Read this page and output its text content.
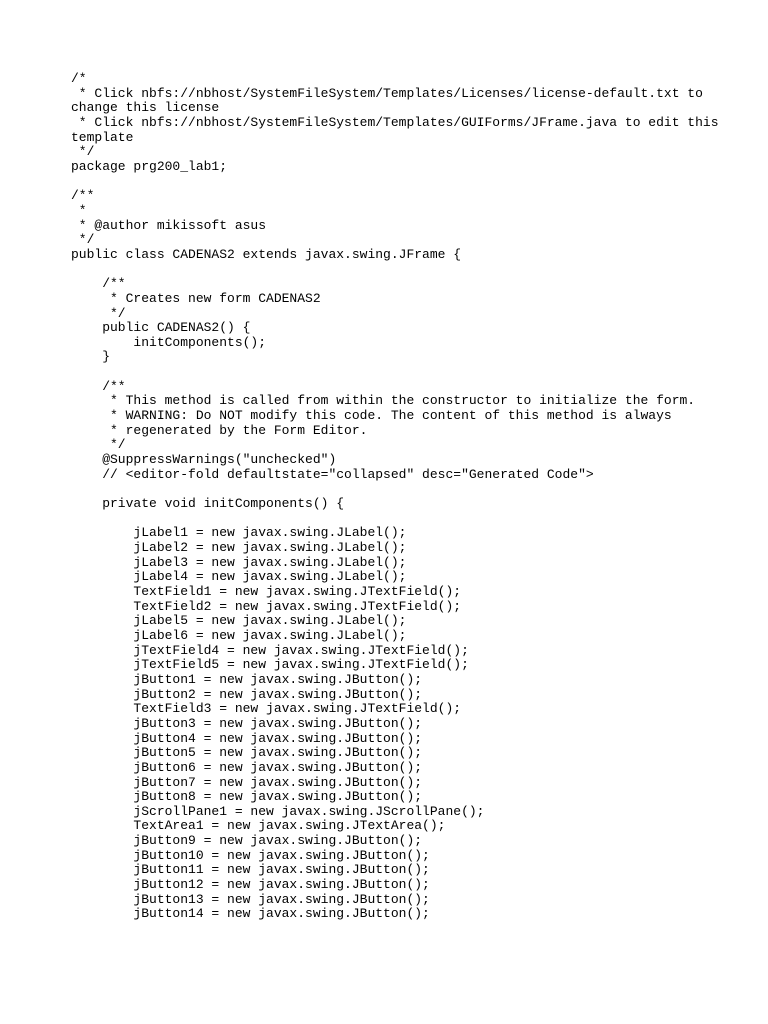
/*
* Click nbfs://nbhost/SystemFileSystem/Templates/Licenses/license-default.txt to
change this license
* Click nbfs://nbhost/SystemFileSystem/Templates/GUIForms/JFrame.java to edit this
template
*/
package prg200_lab1;
/**
*
* @author mikissoft asus
*/
public class CADENAS2 extends javax.swing.JFrame {
/**
* Creates new form CADENAS2
*/
public CADENAS2() {
initComponents();
}
/**
* This method is called from within the constructor to initialize the form.
* WARNING: Do NOT modify this code. The content of this method is always
* regenerated by the Form Editor.
*/
@SuppressWarnings("unchecked")
// <editor-fold defaultstate="collapsed" desc="Generated Code">
private void initComponents() {
jLabel1 = new javax.swing.JLabel();
jLabel2 = new javax.swing.JLabel();
jLabel3 = new javax.swing.JLabel();
jLabel4 = new javax.swing.JLabel();
TextField1 = new javax.swing.JTextField();
TextField2 = new javax.swing.JTextField();
jLabel5 = new javax.swing.JLabel();
jLabel6 = new javax.swing.JLabel();
jTextField4 = new javax.swing.JTextField();
jTextField5 = new javax.swing.JTextField();
jButton1 = new javax.swing.JButton();
jButton2 = new javax.swing.JButton();
TextField3 = new javax.swing.JTextField();
jButton3 = new javax.swing.JButton();
jButton4 = new javax.swing.JButton();
jButton5 = new javax.swing.JButton();
jButton6 = new javax.swing.JButton();
jButton7 = new javax.swing.JButton();
jButton8 = new javax.swing.JButton();
jScrollPane1 = new javax.swing.JScrollPane();
TextArea1 = new javax.swing.JTextArea();
jButton9 = new javax.swing.JButton();
jButton10 = new javax.swing.JButton();
jButton11 = new javax.swing.JButton();
jButton12 = new javax.swing.JButton();
jButton13 = new javax.swing.JButton();
jButton14 = new javax.swing.JButton();
